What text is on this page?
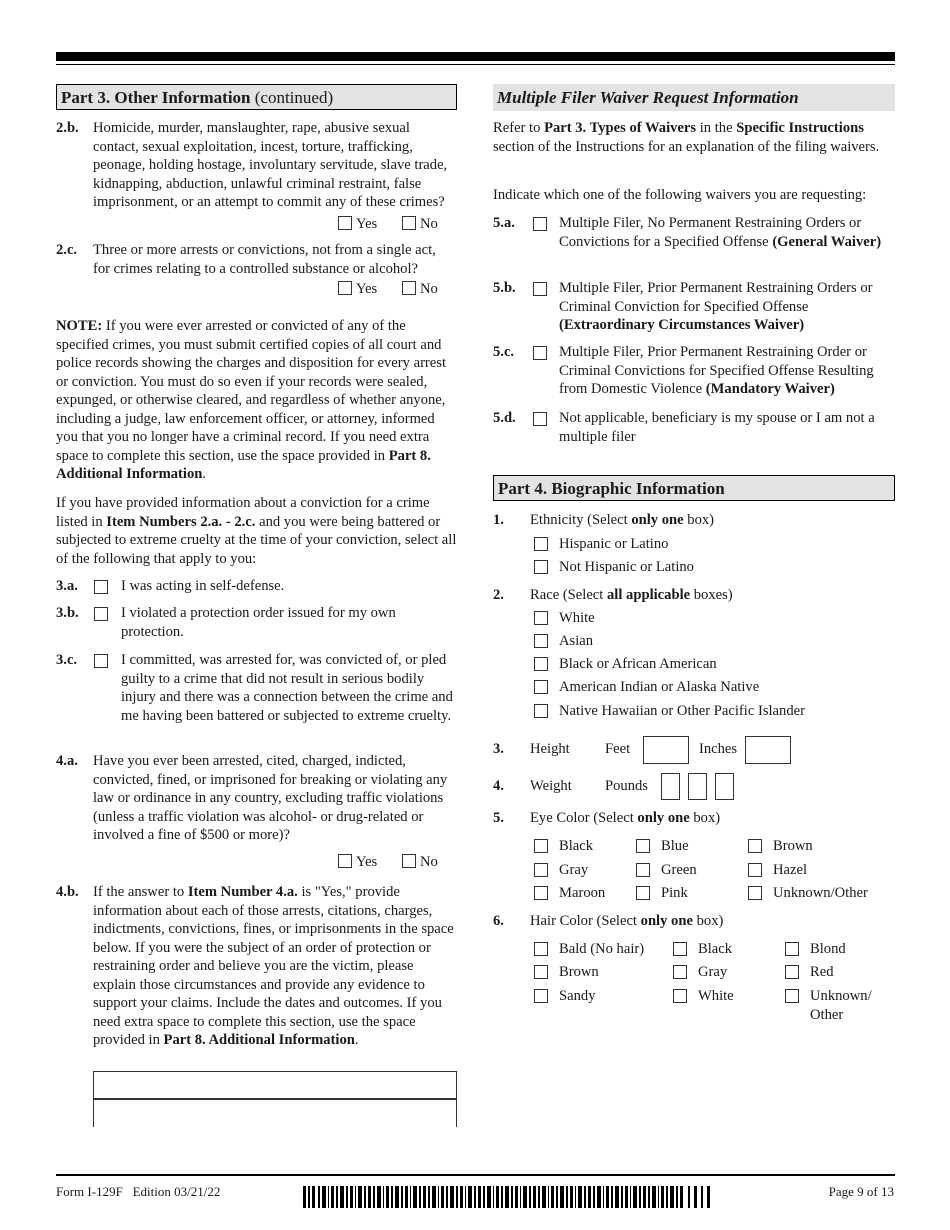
Part 3. Other Information (continued)
2.b. Homicide, murder, manslaughter, rape, abusive sexual contact, sexual exploitation, incest, torture, trafficking, peonage, holding hostage, involuntary servitude, slave trade, kidnapping, abduction, unlawful criminal restraint, false imprisonment, or an attempt to commit any of these crimes?
Yes	No
2.c. Three or more arrests or convictions, not from a single act, for crimes relating to a controlled substance or alcohol?
Yes	No
NOTE: If you were ever arrested or convicted of any of the specified crimes, you must submit certified copies of all court and police records showing the charges and disposition for every arrest or conviction. You must do so even if your records were sealed, expunged, or otherwise cleared, and regardless of whether anyone, including a judge, law enforcement officer, or attorney, informed you that you no longer have a criminal record. If you need extra space to complete this section, use the space provided in Part 8. Additional Information.
If you have provided information about a conviction for a crime listed in Item Numbers 2.a. - 2.c. and you were being battered or subjected to extreme cruelty at the time of your conviction, select all of the following that apply to you:
3.a.	I was acting in self-defense.
3.b.	I violated a protection order issued for my own protection.
3.c.	I committed, was arrested for, was convicted of, or pled guilty to a crime that did not result in serious bodily injury and there was a connection between the crime and me having been battered or subjected to extreme cruelty.
4.a. Have you ever been arrested, cited, charged, indicted, convicted, fined, or imprisoned for breaking or violating any law or ordinance in any country, excluding traffic violations (unless a traffic violation was alcohol- or drug-related or involved a fine of $500 or more)?
Yes	No
4.b. If the answer to Item Number 4.a. is "Yes," provide information about each of those arrests, citations, charges, indictments, convictions, fines, or imprisonments in the space below. If you were the subject of an order of protection or restraining order and believe you are the victim, please explain those circumstances and provide any evidence to support your claims. Include the dates and outcomes. If you need extra space to complete this section, use the space provided in Part 8. Additional Information.
Multiple Filer Waiver Request Information
Refer to Part 3. Types of Waivers in the Specific Instructions section of the Instructions for an explanation of the filing waivers.
Indicate which one of the following waivers you are requesting:
5.a.	Multiple Filer, No Permanent Restraining Orders or Convictions for a Specified Offense (General Waiver)
5.b.	Multiple Filer, Prior Permanent Restraining Orders or Criminal Conviction for Specified Offense (Extraordinary Circumstances Waiver)
5.c.	Multiple Filer, Prior Permanent Restraining Order or Criminal Convictions for Specified Offense Resulting from Domestic Violence (Mandatory Waiver)
5.d.	Not applicable, beneficiary is my spouse or I am not a multiple filer
Part 4. Biographic Information
1. Ethnicity (Select only one box)
Hispanic or Latino
Not Hispanic or Latino
2. Race (Select all applicable boxes)
White
Asian
Black or African American
American Indian or Alaska Native
Native Hawaiian or Other Pacific Islander
3. Height Feet	Inches
4. Weight Pounds
5. Eye Color (Select only one box)
Black	Blue	Brown
Gray	Green	Hazel
Maroon	Pink	Unknown/Other
6. Hair Color (Select only one box)
Bald (No hair)	Black	Blond
Brown	Gray	Red
Sandy	White	Unknown/
Other
Form I-129F Edition 03/21/22	Page 9 of 13
